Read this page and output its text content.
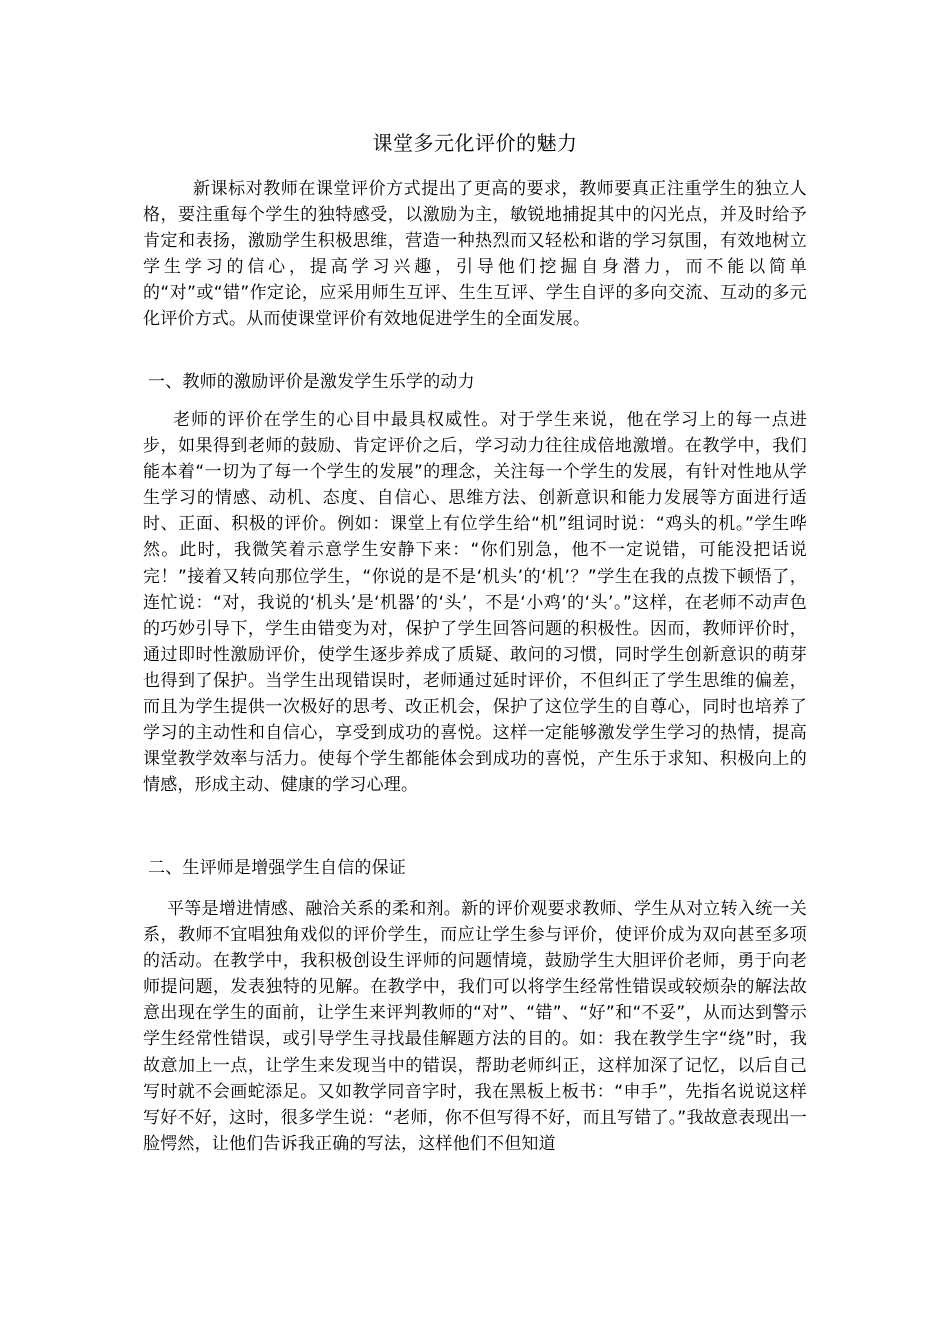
课堂多元化评价的魅力
新课标对教师在课堂评价方式提出了更高的要求，教师要真正注重学生的独立人格，要注重每个学生的独特感受，以激励为主，敏锐地捕捉其中的闪光点，并及时给予肯定和表扬，激励学生积极思维，营造一种热烈而又轻松和谐的学习氛围，有效地树立学生学习的信心，提高学习兴趣，引导他们挖掘自身潜力，而不能以简单的“对”或“错”作定论，应采用师生互评、生生互评、学生自评的多向交流、互动的多元化评价方式。从而使课堂评价有效地促进学生的全面发展。
一、教师的激励评价是激发学生乐学的动力
老师的评价在学生的心目中最具权威性。对于学生来说，他在学习上的每一点进步，如果得到老师的鼓励、肯定评价之后，学习动力往往成倍地激增。在教学中，我们能本着“一切为了每一个学生的发展”的理念，关注每一个学生的发展，有针对性地从学生学习的情感、动机、态度、自信心、思维方法、创新意识和能力发展等方面进行适时、正面、积极的评价。例如：课堂上有位学生给“机”组词时说：“鸡头的机。”学生哗然。此时，我微笑着示意学生安静下来：“你们别急，他不一定说错，可能没把话说完！”接着又转向那位学生，“你说的是不是‘机头’的‘机’？”学生在我的点拨下顿悟了，连忙说：“对，我说的‘机头’是‘机器’的‘头’，不是‘小鸡’的‘头’。”这样，在老师不动声色的巧妙引导下，学生由错变为对，保护了学生回答问题的积极性。因而，教师评价时，通过即时性激励评价，使学生逐步养成了质疑、敢问的习惯，同时学生创新意识的萌芽也得到了保护。当学生出现错误时，老师通过延时评价，不但纠正了学生思维的偏差，而且为学生提供一次极好的思考、改正机会，保护了这位学生的自尊心，同时也培养了学习的主动性和自信心，享受到成功的喜悦。这样一定能够激发学生学习的热情，提高课堂教学效率与活力。使每个学生都能体会到成功的喜悦，产生乐于求知、积极向上的情感，形成主动、健康的学习心理。
二、生评师是增强学生自信的保证
平等是增进情感、融洽关系的柔和剂。新的评价观要求教师、学生从对立转入统一关系，教师不宜唱独角戏似的评价学生，而应让学生参与评价，使评价成为双向甚至多项的活动。在教学中，我积极创设生评师的问题情境，鼓励学生大胆评价老师，勇于向老师提问题，发表独特的见解。在教学中，我们可以将学生经常性错误或较烦杂的解法故意出现在学生的面前，让学生来评判教师的“对”、“错”、“好”和“不妥”，从而达到警示学生经常性错误，或引导学生寻找最佳解题方法的目的。如：我在教学生字“绕”时，我故意加上一点，让学生来发现当中的错误，帮助老师纠正，这样加深了记忆，以后自己写时就不会画蛇添足。又如教学同音字时，我在黑板上板书：“申手”，先指名说说这样写好不好，这时，很多学生说：“老师，你不但写得不好，而且写错了。”我故意表现出一脸愕然，让他们告诉我正确的写法，这样他们不但知道
